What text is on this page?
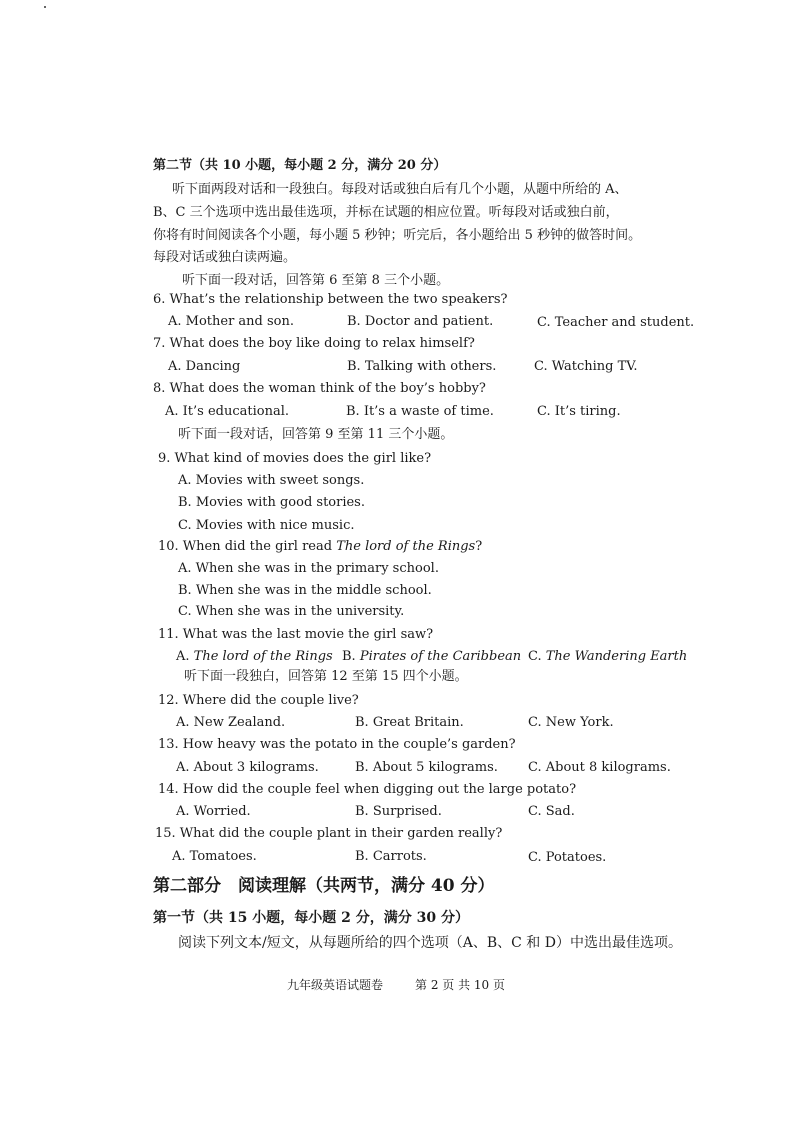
第二节（共 10 小题，每小题 2 分，满分 20 分）
听下面两段对话和一段独白。每段对话或独白后有几个小题，从题中所给的 A、
B、C 三个选项中选出最佳选项，并标在试题的相应位置。听每段对话或独白前，
你将有时间阅读各个小题，每小题 5 秒钟；听完后，各小题给出 5 秒钟的做答时间。
每段对话或独白读两遍。
听下面一段对话，回答第 6 至第 8 三个小题。
6. What’s the relationship between the two speakers?
A. Mother and son.	B. Doctor and patient.	C. Teacher and student.
7. What does the boy like doing to relax himself?
A. Dancing	B. Talking with others.	C. Watching TV.
8. What does the woman think of the boy’s hobby?
A. It’s educational.	B. It’s a waste of time.	C. It’s tiring.
听下面一段对话，回答第 9 至第 11 三个小题。
9. What kind of movies does the girl like?
A. Movies with sweet songs.
B. Movies with good stories.
C. Movies with nice music.
10. When did the girl read The lord of the Rings?
A. When she was in the primary school.
B. When she was in the middle school.
C. When she was in the university.
11. What was the last movie the girl saw?
A. The lord of the Rings B. Pirates of the Caribbean C. The Wandering Earth
听下面一段独白，回答第 12 至第 15 四个小题。
12. Where did the couple live?
A. New Zealand.	B. Great Britain.	C. New York.
13. How heavy was the potato in the couple’s garden?
A. About 3 kilograms.	B. About 5 kilograms. C. About 8 kilograms.
14. How did the couple feel when digging out the large potato?
A. Worried.	B. Surprised.	C. Sad.
15. What did the couple plant in their garden really?
A. Tomatoes.	B. Carrots.	C. Potatoes.
第二部分　阅读理解（共两节，满分 40 分）
第一节（共 15 小题，每小题 2 分，满分 30 分）
阅读下列文本/短文，从每题所给的四个选项（A、B、C 和 D）中选出最佳选项。
九年级英语试题卷	第 2 页 共 10 页
